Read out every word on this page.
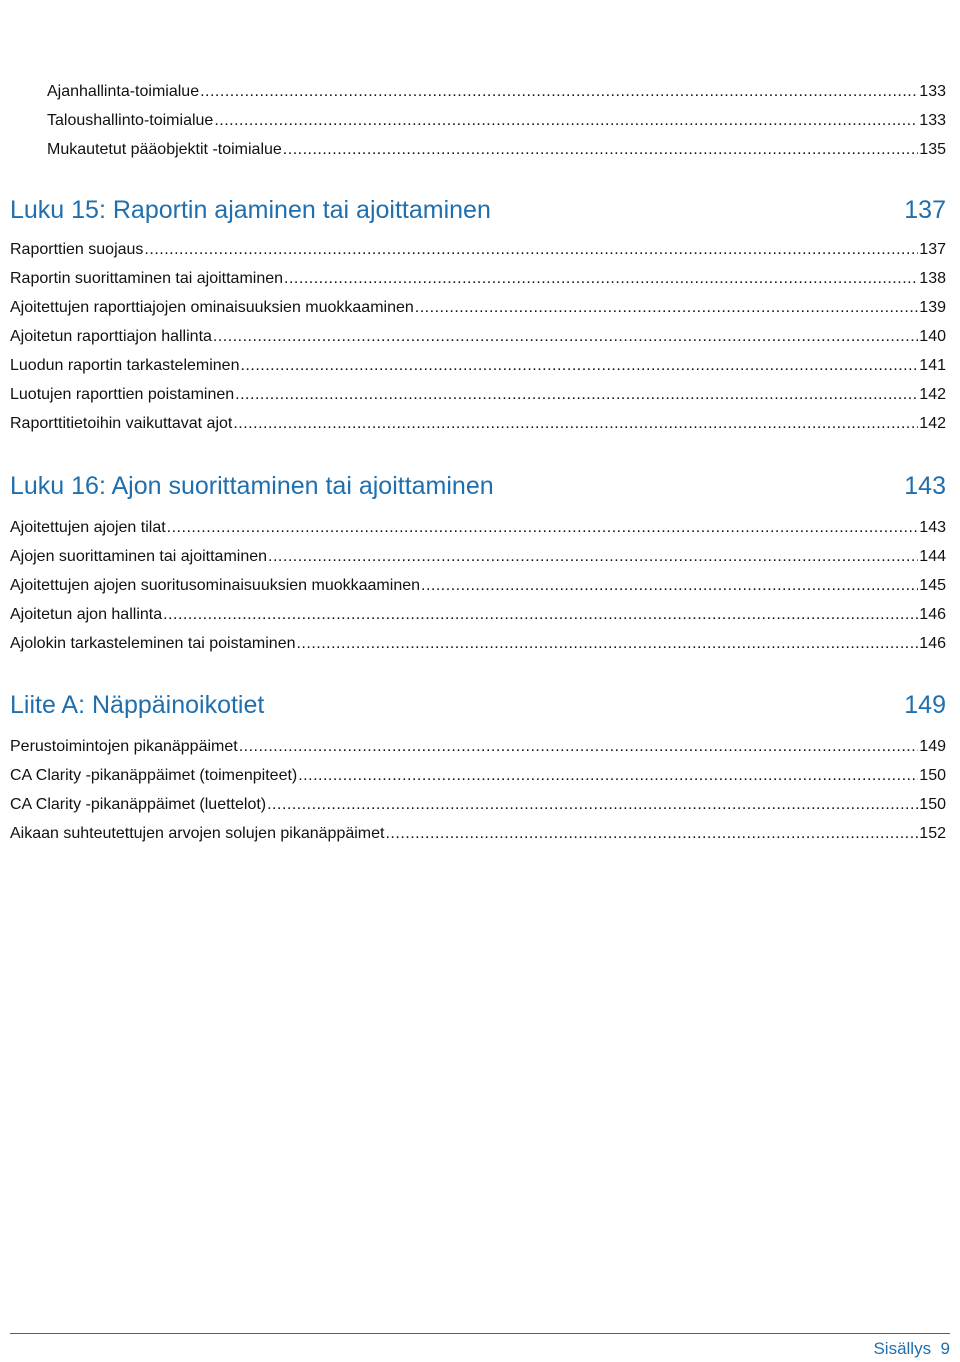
Ajanhallinta-toimialue .....	133
Taloushallinto-toimialue .....	133
Mukautetut pääobjektit -toimialue .....	135
Luku 15: Raportin ajaminen tai ajoittaminen	137
Raporttien suojaus .....	137
Raportin suorittaminen tai ajoittaminen .....	138
Ajoitettujen raporttiajojen ominaisuuksien muokkaaminen .....	139
Ajoitetun raporttiajon hallinta .....	140
Luodun raportin tarkasteleminen .....	141
Luotujen raporttien poistaminen .....	142
Raporttitietoihin vaikuttavat ajot .....	142
Luku 16: Ajon suorittaminen tai ajoittaminen	143
Ajoitettujen ajojen tilat .....	143
Ajojen suorittaminen tai ajoittaminen .....	144
Ajoitettujen ajojen suoritusominaisuuksien muokkaaminen .....	145
Ajoitetun ajon hallinta .....	146
Ajolokin tarkasteleminen tai poistaminen .....	146
Liite A: Näppäinoikotiet	149
Perustoimintojen pikanäppäimet .....	149
CA Clarity -pikanäppäimet (toimenpiteet) .....	150
CA Clarity -pikanäppäimet (luettelot) .....	150
Aikaan suhteutettujen arvojen solujen pikanäppäimet .....	152
Sisällys 9
